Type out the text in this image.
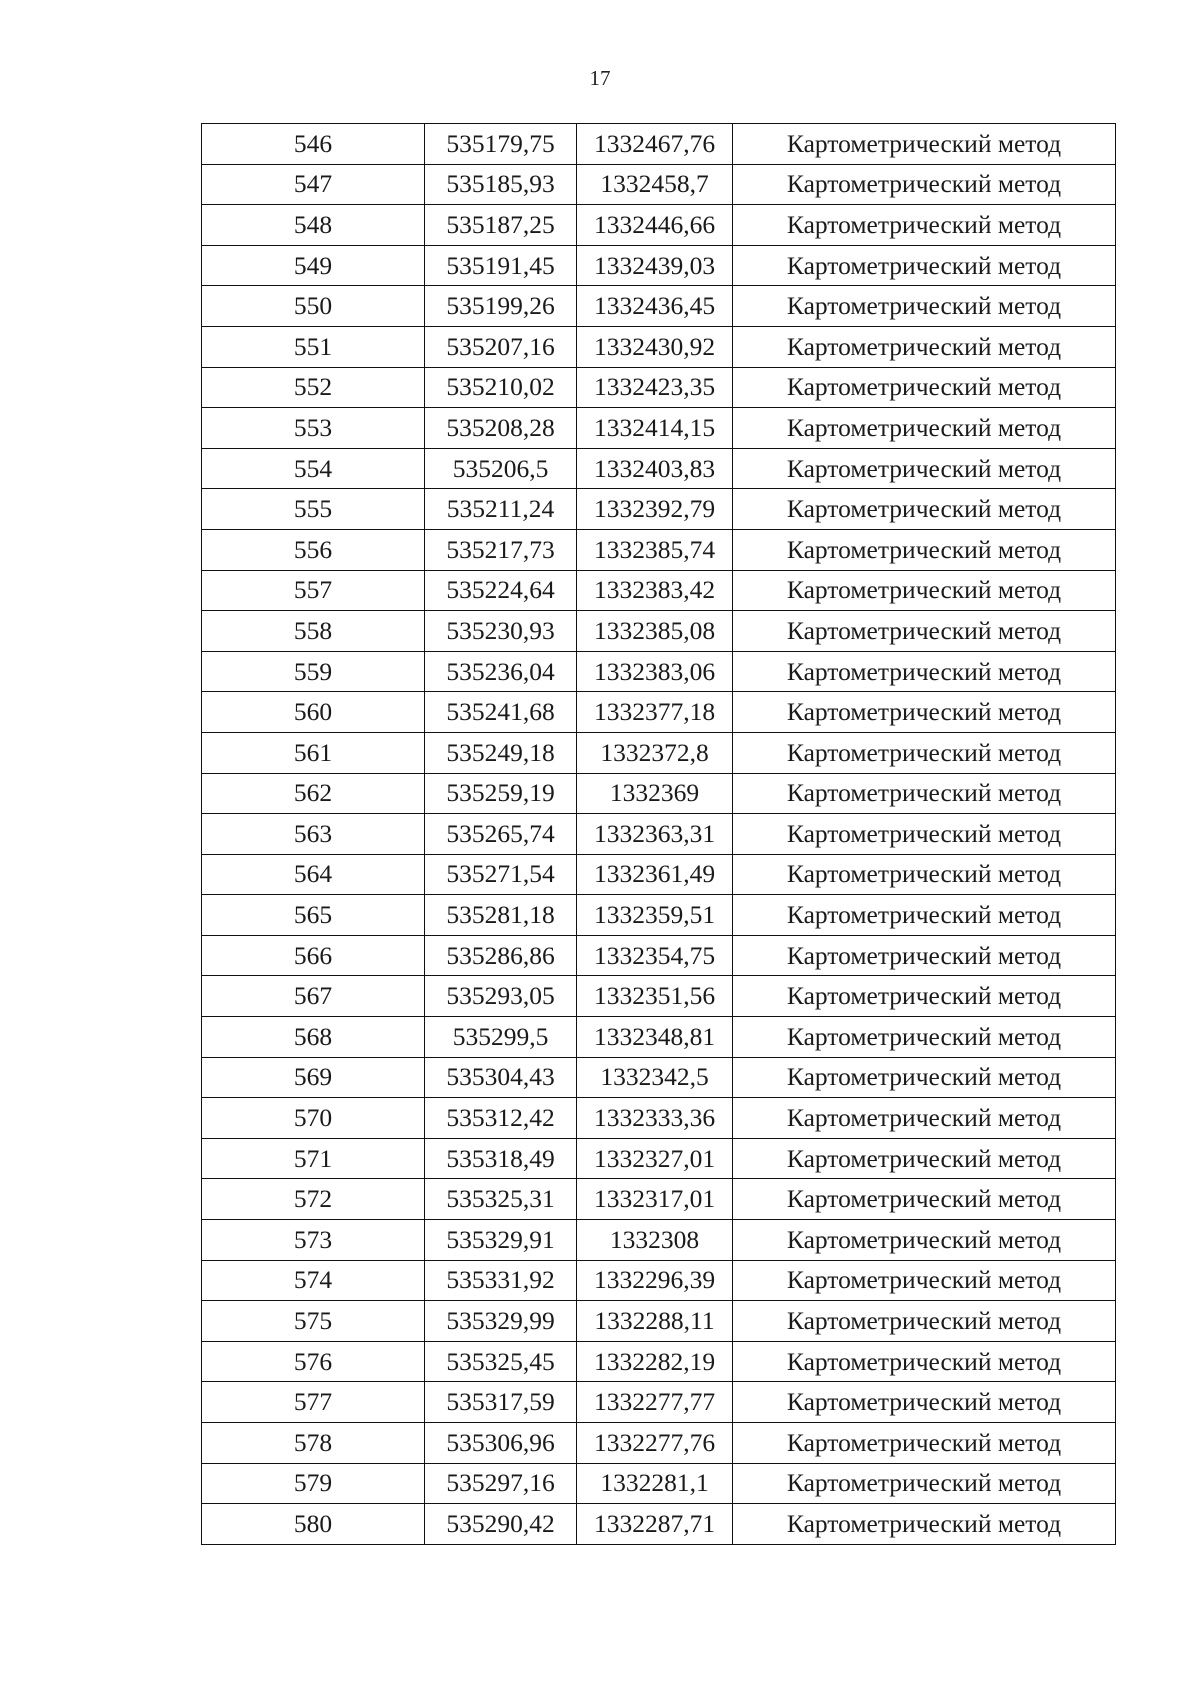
17
546	535179,75	1332467,76	Картометрический метод
547	535185,93	1332458,7	Картометрический метод
548	535187,25	1332446,66	Картометрический метод
549	535191,45	1332439,03	Картометрический метод
550	535199,26	1332436,45	Картометрический метод
551	535207,16	1332430,92	Картометрический метод
552	535210,02	1332423,35	Картометрический метод
553	535208,28	1332414,15	Картометрический метод
554	535206,5	1332403,83	Картометрический метод
555	535211,24	1332392,79	Картометрический метод
556	535217,73	1332385,74	Картометрический метод
557	535224,64	1332383,42	Картометрический метод
558	535230,93	1332385,08	Картометрический метод
559	535236,04	1332383,06	Картометрический метод
560	535241,68	1332377,18	Картометрический метод
561	535249,18	1332372,8	Картометрический метод
562	535259,19	1332369	Картометрический метод
563	535265,74	1332363,31	Картометрический метод
564	535271,54	1332361,49	Картометрический метод
565	535281,18	1332359,51	Картометрический метод
566	535286,86	1332354,75	Картометрический метод
567	535293,05	1332351,56	Картометрический метод
568	535299,5	1332348,81	Картометрический метод
569	535304,43	1332342,5	Картометрический метод
570	535312,42	1332333,36	Картометрический метод
571	535318,49	1332327,01	Картометрический метод
572	535325,31	1332317,01	Картометрический метод
573	535329,91	1332308	Картометрический метод
574	535331,92	1332296,39	Картометрический метод
575	535329,99	1332288,11	Картометрический метод
576	535325,45	1332282,19	Картометрический метод
577	535317,59	1332277,77	Картометрический метод
578	535306,96	1332277,76	Картометрический метод
579	535297,16	1332281,1	Картометрический метод
580	535290,42	1332287,71	Картометрический метод
